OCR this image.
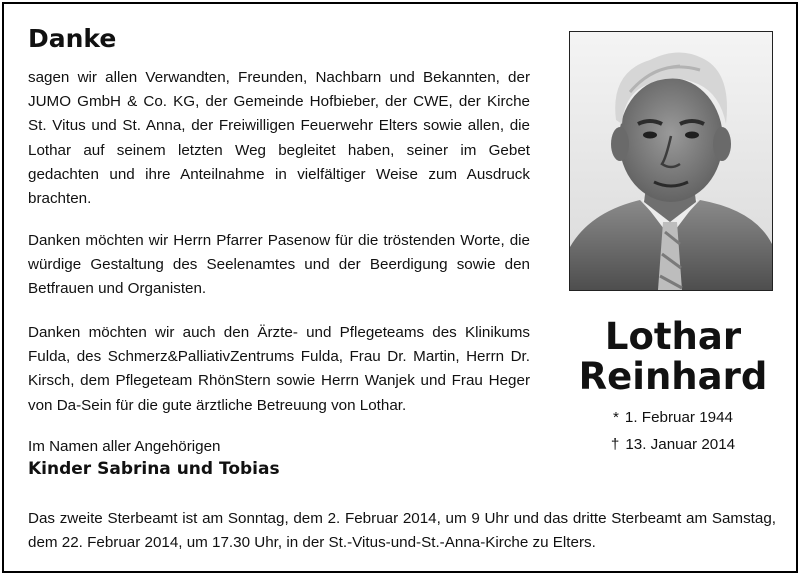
Danke

sagen wir allen Verwandten, Freunden, Nachbarn und Bekannten, der JUMO GmbH & Co. KG, der Gemeinde Hofbieber, der CWE, der Kirche St. Vitus und St. Anna, der Freiwilligen Feuerwehr Elters sowie allen, die Lothar auf seinem letzten Weg begleitet haben, seiner im Gebet gedachten und ihre Anteilnahme in vielfältiger Weise zum Ausdruck brachten.

Danken möchten wir Herrn Pfarrer Pasenow für die tröstenden Worte, die würdige Gestaltung des Seelenamtes und der Beerdigung sowie den Betfrauen und Organisten.

Danken möchten wir auch den Ärzte- und Pflegeteams des Klinikums Fulda, des Schmerz&PalliativZentrums Fulda, Frau Dr. Martin, Herrn Dr. Kirsch, dem Pflegeteam RhönStern sowie Herrn Wanjek und Frau Heger von Da-Sein für die gute ärztliche Betreuung von Lothar.

Im Namen aller Angehörigen
Kinder Sabrina und Tobias

Das zweite Sterbeamt ist am Sonntag, dem 2. Februar 2014, um 9 Uhr und das dritte Sterbeamt am Samstag, dem 22. Februar 2014, um 17.30 Uhr, in der St.-Vitus-und-St.-Anna-Kirche zu Elters.

Lothar
Reinhard
* 1. Februar 1944
† 13. Januar 2014
